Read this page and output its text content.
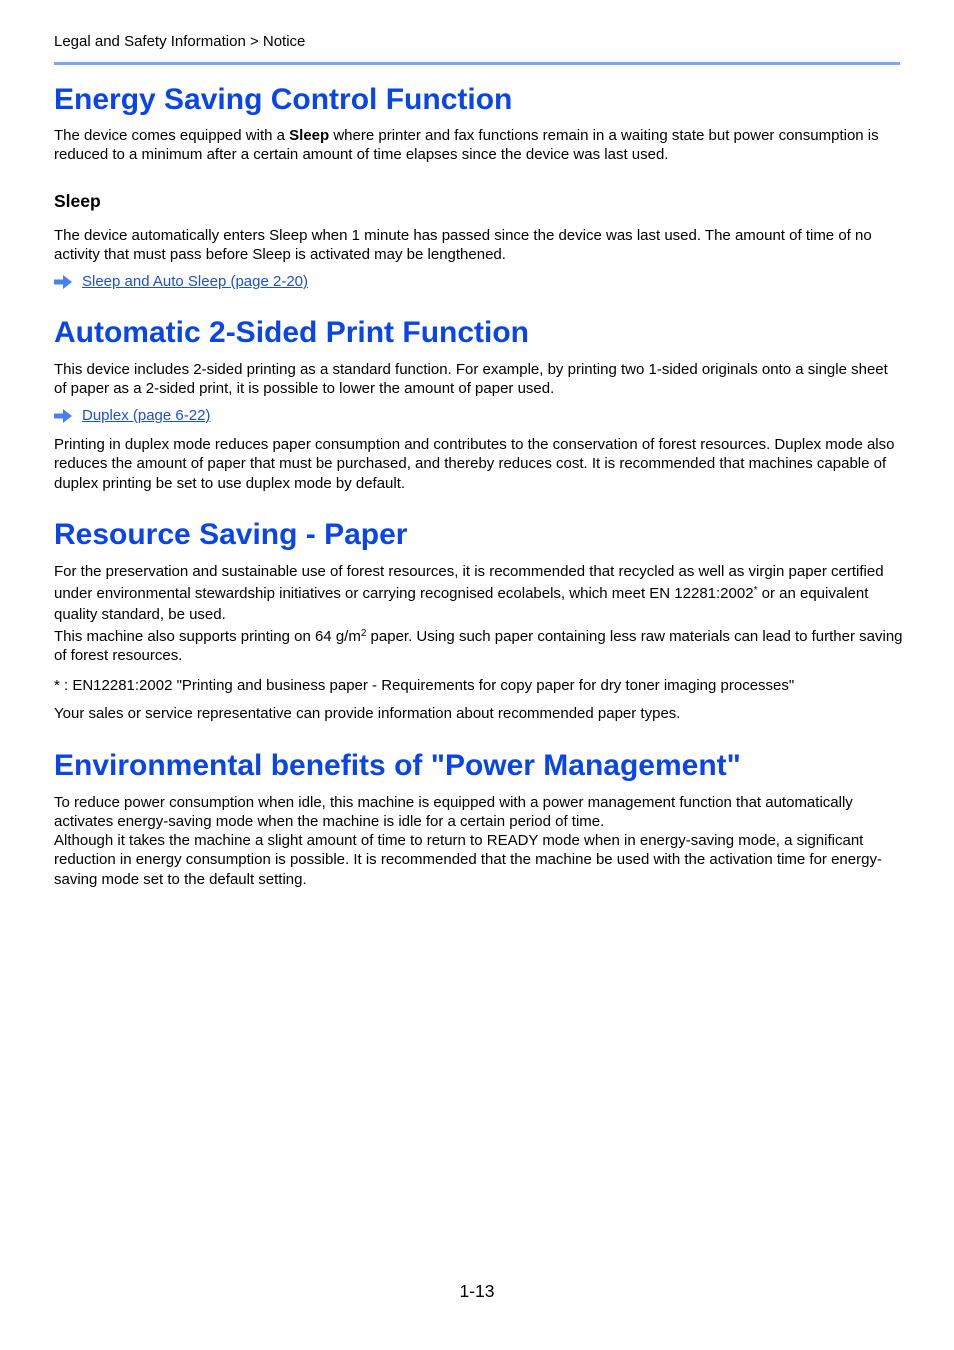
Legal and Safety Information > Notice
Energy Saving Control Function

The device comes equipped with a Sleep where printer and fax functions remain in a waiting state but power consumption is reduced to a minimum after a certain amount of time elapses since the device was last used.

Sleep

The device automatically enters Sleep when 1 minute has passed since the device was last used. The amount of time of no activity that must pass before Sleep is activated may be lengthened.

Sleep and Auto Sleep (page 2-20)
Automatic 2-Sided Print Function

This device includes 2-sided printing as a standard function. For example, by printing two 1-sided originals onto a single sheet of paper as a 2-sided print, it is possible to lower the amount of paper used.

Duplex (page 6-22)

Printing in duplex mode reduces paper consumption and contributes to the conservation of forest resources. Duplex mode also reduces the amount of paper that must be purchased, and thereby reduces cost. It is recommended that machines capable of duplex printing be set to use duplex mode by default.

Resource Saving - Paper

For the preservation and sustainable use of forest resources, it is recommended that recycled as well as virgin paper certified under environmental stewardship initiatives or carrying recognised ecolabels, which meet EN 12281:2002* or an equivalent quality standard, be used.

This machine also supports printing on 64 $g/m^2$ paper. Using such paper containing less raw materials can lead to further saving of forest resources.

* : EN12281:2002 "Printing and business paper - Requirements for copy paper for dry toner imaging processes"

Your sales or service representative can provide information about recommended paper types.

Environmental benefits of "Power Management"

To reduce power consumption when idle, this machine is equipped with a power management function that automatically activates energy-saving mode when the machine is idle for a certain period of time.

Although it takes the machine a slight amount of time to return to READY mode when in energy-saving mode, a significant reduction in energy consumption is possible. It is recommended that the machine be used with the activation time for energy-saving mode set to the default setting.

1-13
